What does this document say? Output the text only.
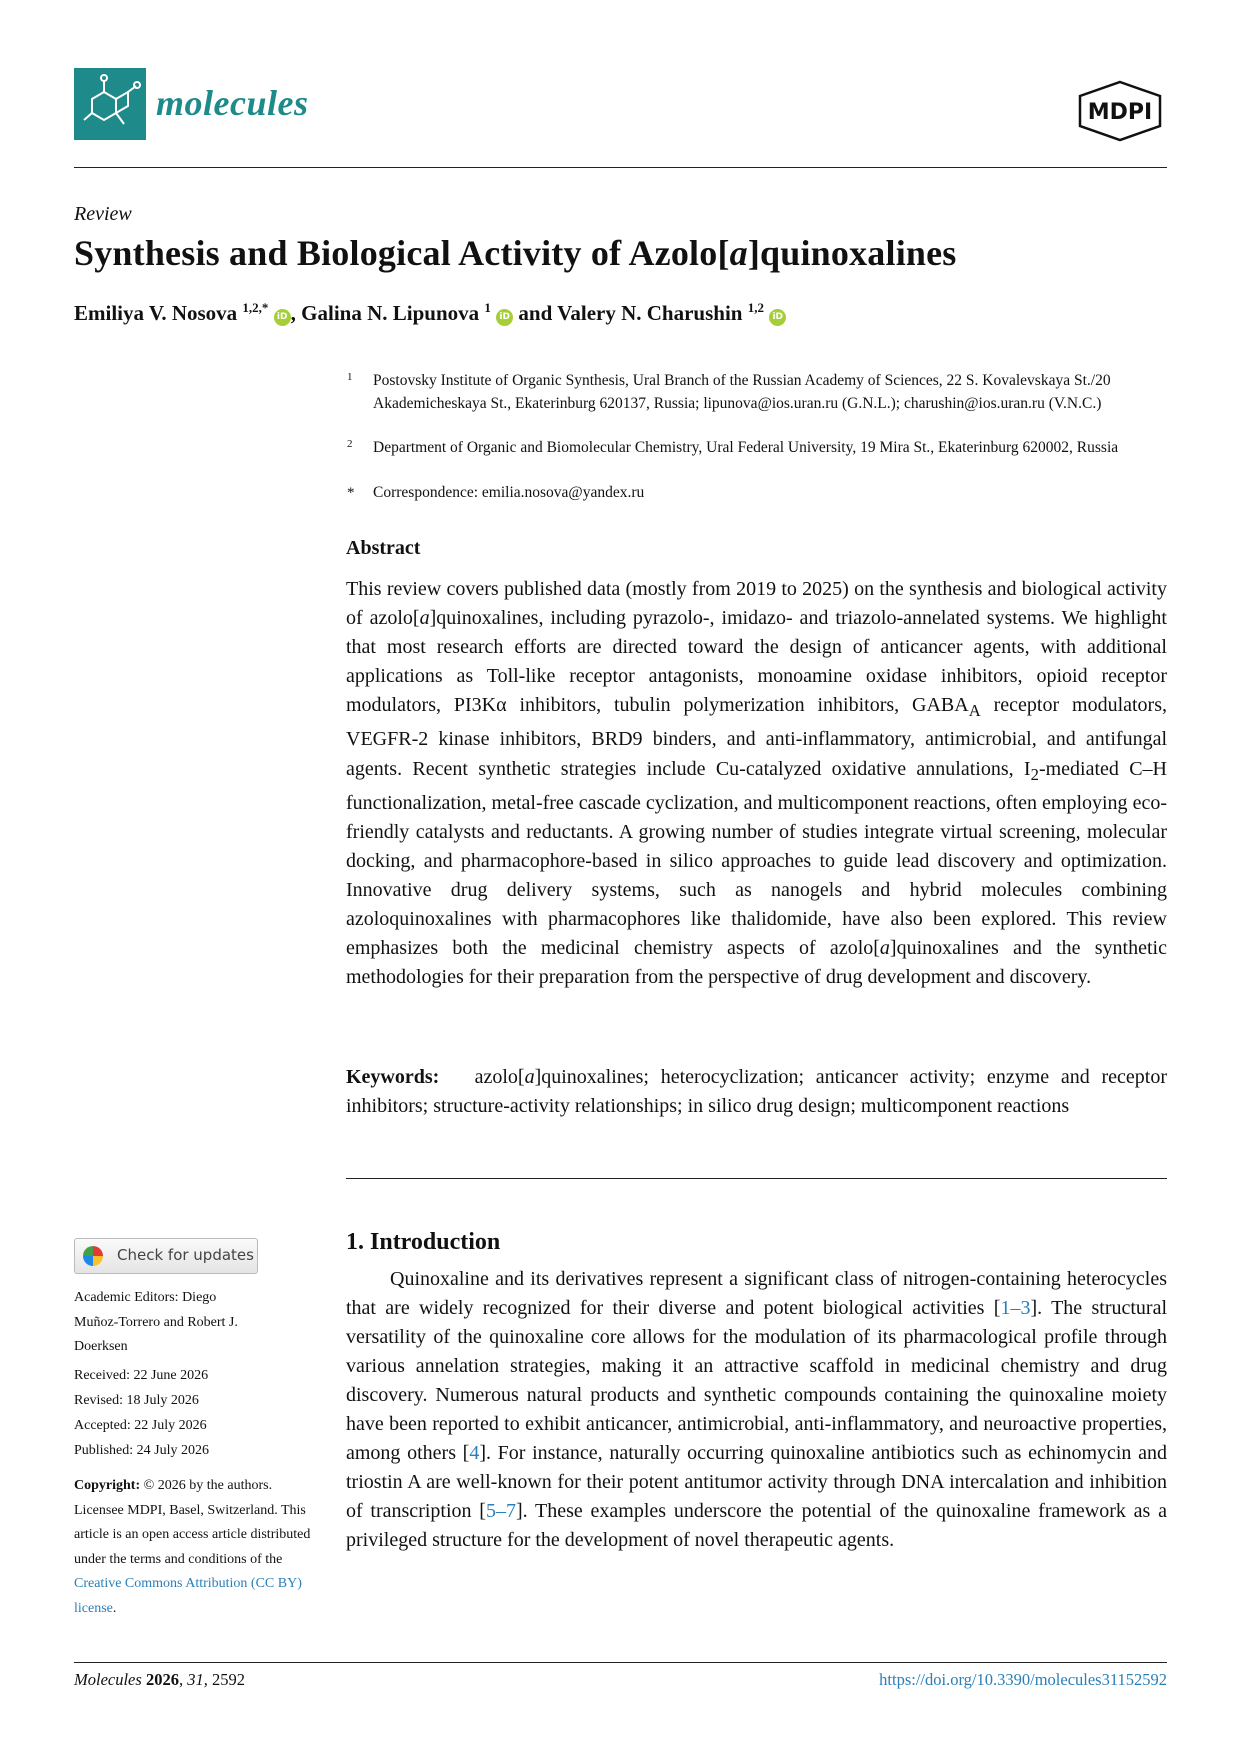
molecules	MDPI
Review
Synthesis and Biological Activity of Azolo[a]quinoxalines
Emiliya V. Nosova $^{1,2,*}$ iD , Galina N. Lipunova $^1$ iD and Valery N. Charushin $^{1,2}$ iD
1 Postovsky Institute of Organic Synthesis, Ural Branch of the Russian Academy of Sciences, 22 S. Kovalevskaya St./20 Akademicheskaya St., Ekaterinburg 620137, Russia; lipunova@ios.uran.ru (G.N.L.); charushin@ios.uran.ru (V.N.C.)
2 Department of Organic and Biomolecular Chemistry, Ural Federal University, 19 Mira St., Ekaterinburg 620002, Russia
* Correspondence: emilia.nosova@yandex.ru
Abstract
This review covers published data (mostly from 2019 to 2025) on the synthesis and biological activity of azolo[a]quinoxalines, including pyrazolo-, imidazo- and triazolo-annelated systems. We highlight that most research efforts are directed toward the design of anticancer agents, with additional applications as Toll-like receptor antagonists, monoamine oxidase inhibitors, opioid receptor modulators, PI3Kα inhibitors, tubulin polymerization inhibitors, $GABA_A$ receptor modulators, VEGFR-2 kinase inhibitors, BRD9 binders, and anti-inflammatory, antimicrobial, and antifungal agents. Recent synthetic strategies include Cu-catalyzed oxidative annulations, $I_2$-mediated C–H functionalization, metal-free cascade cyclization, and multicomponent reactions, often employing eco-friendly catalysts and reductants. A growing number of studies integrate virtual screening, molecular docking, and pharmacophore-based in silico approaches to guide lead discovery and optimization. Innovative drug delivery systems, such as nanogels and hybrid molecules combining azoloquinoxalines with pharmacophores like thalidomide, have also been explored. This review emphasizes both the medicinal chemistry aspects of azolo[a]quinoxalines and the synthetic methodologies for their preparation from the perspective of drug development and discovery.
Keywords: azolo[a]quinoxalines; heterocyclization; anticancer activity; enzyme and receptor inhibitors; structure-activity relationships; in silico drug design; multicomponent reactions
Check for updates
Academic Editors: Diego Muñoz-Torrero and Robert J. Doerksen
Received: 22 June 2026
Revised: 18 July 2026
Accepted: 22 July 2026
Published: 24 July 2026
Copyright: © 2026 by the authors. Licensee MDPI, Basel, Switzerland. This article is an open access article distributed under the terms and conditions of the Creative Commons Attribution (CC BY) license.
1. Introduction
Quinoxaline and its derivatives represent a significant class of nitrogen-containing heterocycles that are widely recognized for their diverse and potent biological activities [1–3]. The structural versatility of the quinoxaline core allows for the modulation of its pharmacological profile through various annelation strategies, making it an attractive scaffold in medicinal chemistry and drug discovery. Numerous natural products and synthetic compounds containing the quinoxaline moiety have been reported to exhibit anticancer, antimicrobial, anti-inflammatory, and neuroactive properties, among others [4]. For instance, naturally occurring quinoxaline antibiotics such as echinomycin and triostin A are well-known for their potent antitumor activity through DNA intercalation and inhibition of transcription [5–7]. These examples underscore the potential of the quinoxaline framework as a privileged structure for the development of novel therapeutic agents.
Molecules 2026, 31, 2592	https://doi.org/10.3390/molecules31152592
